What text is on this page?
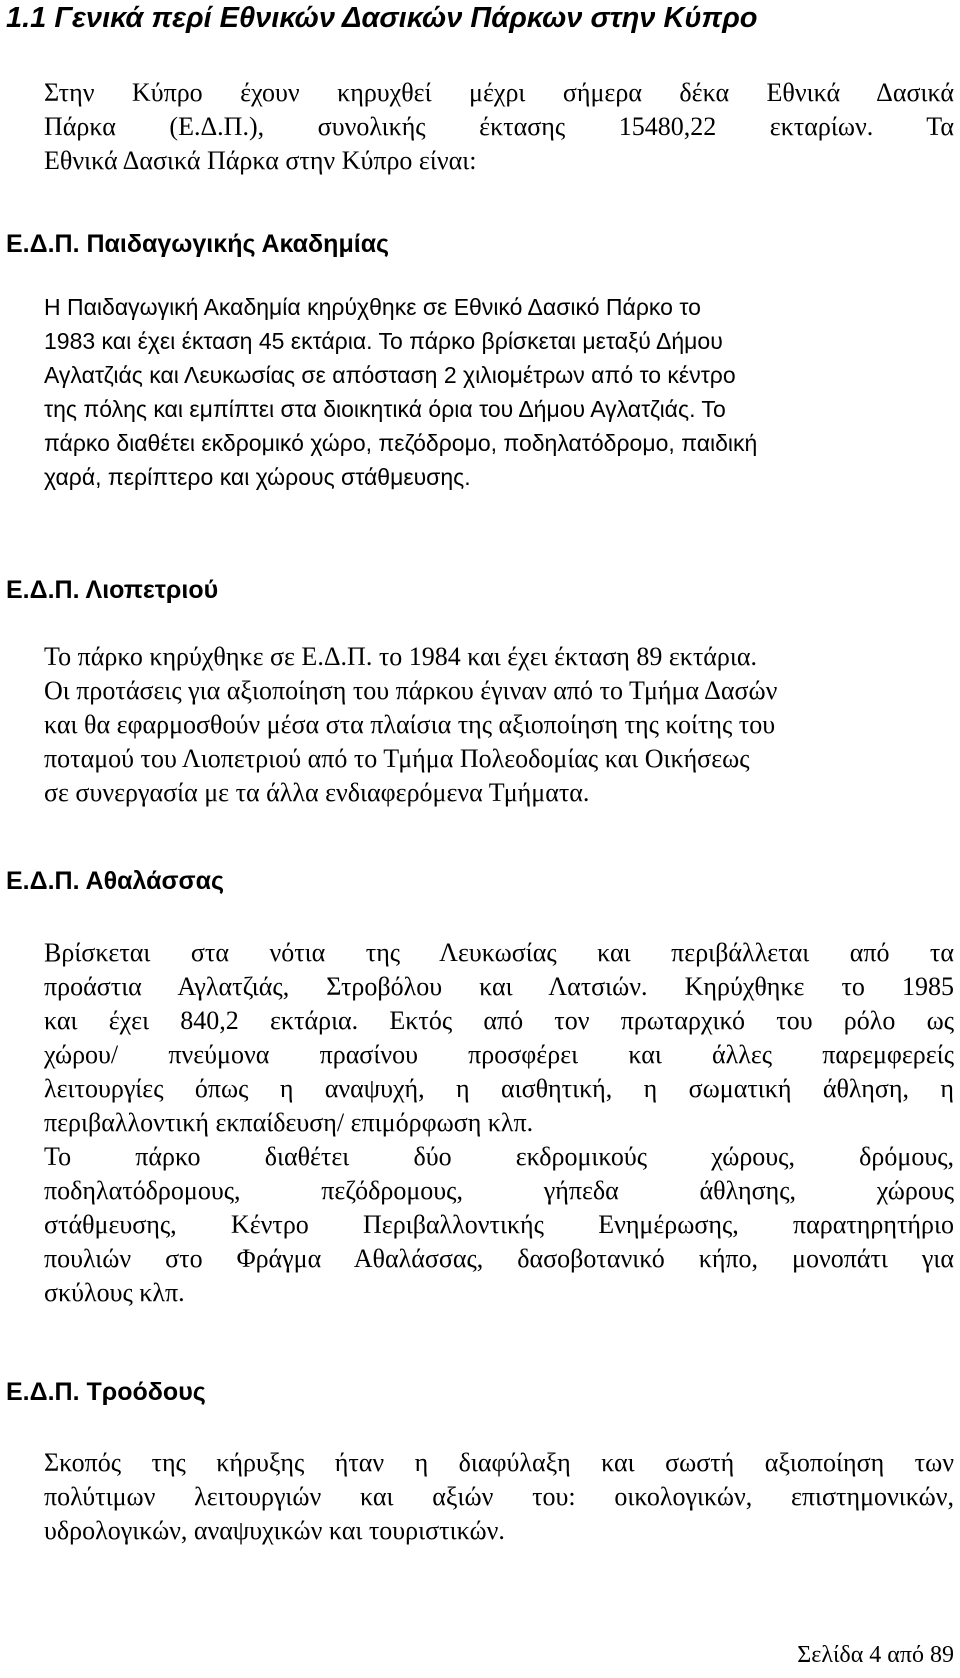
1.1 Γενικά περί Εθνικών Δασικών Πάρκων στην Κύπρο
Στην Κύπρο έχουν κηρυχθεί μέχρι σήμερα δέκα Εθνικά Δασικά
Πάρκα (Ε.Δ.Π.), συνολικής έκτασης 15480,22 εκταρίων. Τα
Εθνικά Δασικά Πάρκα στην Κύπρο είναι:
Ε.Δ.Π. Παιδαγωγικής Ακαδημίας
Η Παιδαγωγική Ακαδημία κηρύχθηκε σε Εθνικό Δασικό Πάρκο το
1983 και έχει έκταση 45 εκτάρια. Το πάρκο βρίσκεται μεταξύ Δήμου
Αγλατζιάς και Λευκωσίας σε απόσταση 2 χιλιομέτρων από το κέντρο
της πόλης και εμπίπτει στα διοικητικά όρια του Δήμου Αγλατζιάς. Το
πάρκο διαθέτει εκδρομικό χώρο, πεζόδρομο, ποδηλατόδρομο, παιδική
χαρά, περίπτερο και χώρους στάθμευσης.
Ε.Δ.Π. Λιοπετριού
Το πάρκο κηρύχθηκε σε Ε.Δ.Π. το 1984 και έχει έκταση 89 εκτάρια.
Οι προτάσεις για αξιοποίηση του πάρκου έγιναν από το Τμήμα Δασών
και θα εφαρμοσθούν μέσα στα πλαίσια της αξιοποίηση της κοίτης του
ποταμού του Λιοπετριού από το Τμήμα Πολεοδομίας και Οικήσεως
σε συνεργασία με τα άλλα ενδιαφερόμενα Τμήματα.
Ε.Δ.Π. Αθαλάσσας
Βρίσκεται στα νότια της Λευκωσίας και περιβάλλεται από τα
προάστια Αγλατζιάς, Στροβόλου και Λατσιών. Κηρύχθηκε το 1985
και έχει 840,2 εκτάρια. Εκτός από τον πρωταρχικό του ρόλο ως
χώρου/ πνεύμονα πρασίνου προσφέρει και άλλες παρεμφερείς
λειτουργίες όπως η αναψυχή, η αισθητική, η σωματική άθληση, η
περιβαλλοντική εκπαίδευση/ επιμόρφωση κλπ.
Το πάρκο διαθέτει δύο εκδρομικούς χώρους, δρόμους,
ποδηλατόδρομους, πεζόδρομους, γήπεδα άθλησης, χώρους
στάθμευσης, Κέντρο Περιβαλλοντικής Ενημέρωσης, παρατηρητήριο
πουλιών στο Φράγμα Αθαλάσσας, δασοβοτανικό κήπο, μονοπάτι για
σκύλους κλπ.
Ε.Δ.Π. Τροόδους
Σκοπός της κήρυξης ήταν η διαφύλαξη και σωστή αξιοποίηση των
πολύτιμων λειτουργιών και αξιών του: οικολογικών, επιστημονικών,
υδρολογικών, αναψυχικών και τουριστικών.
Σελίδα 4 από 89
